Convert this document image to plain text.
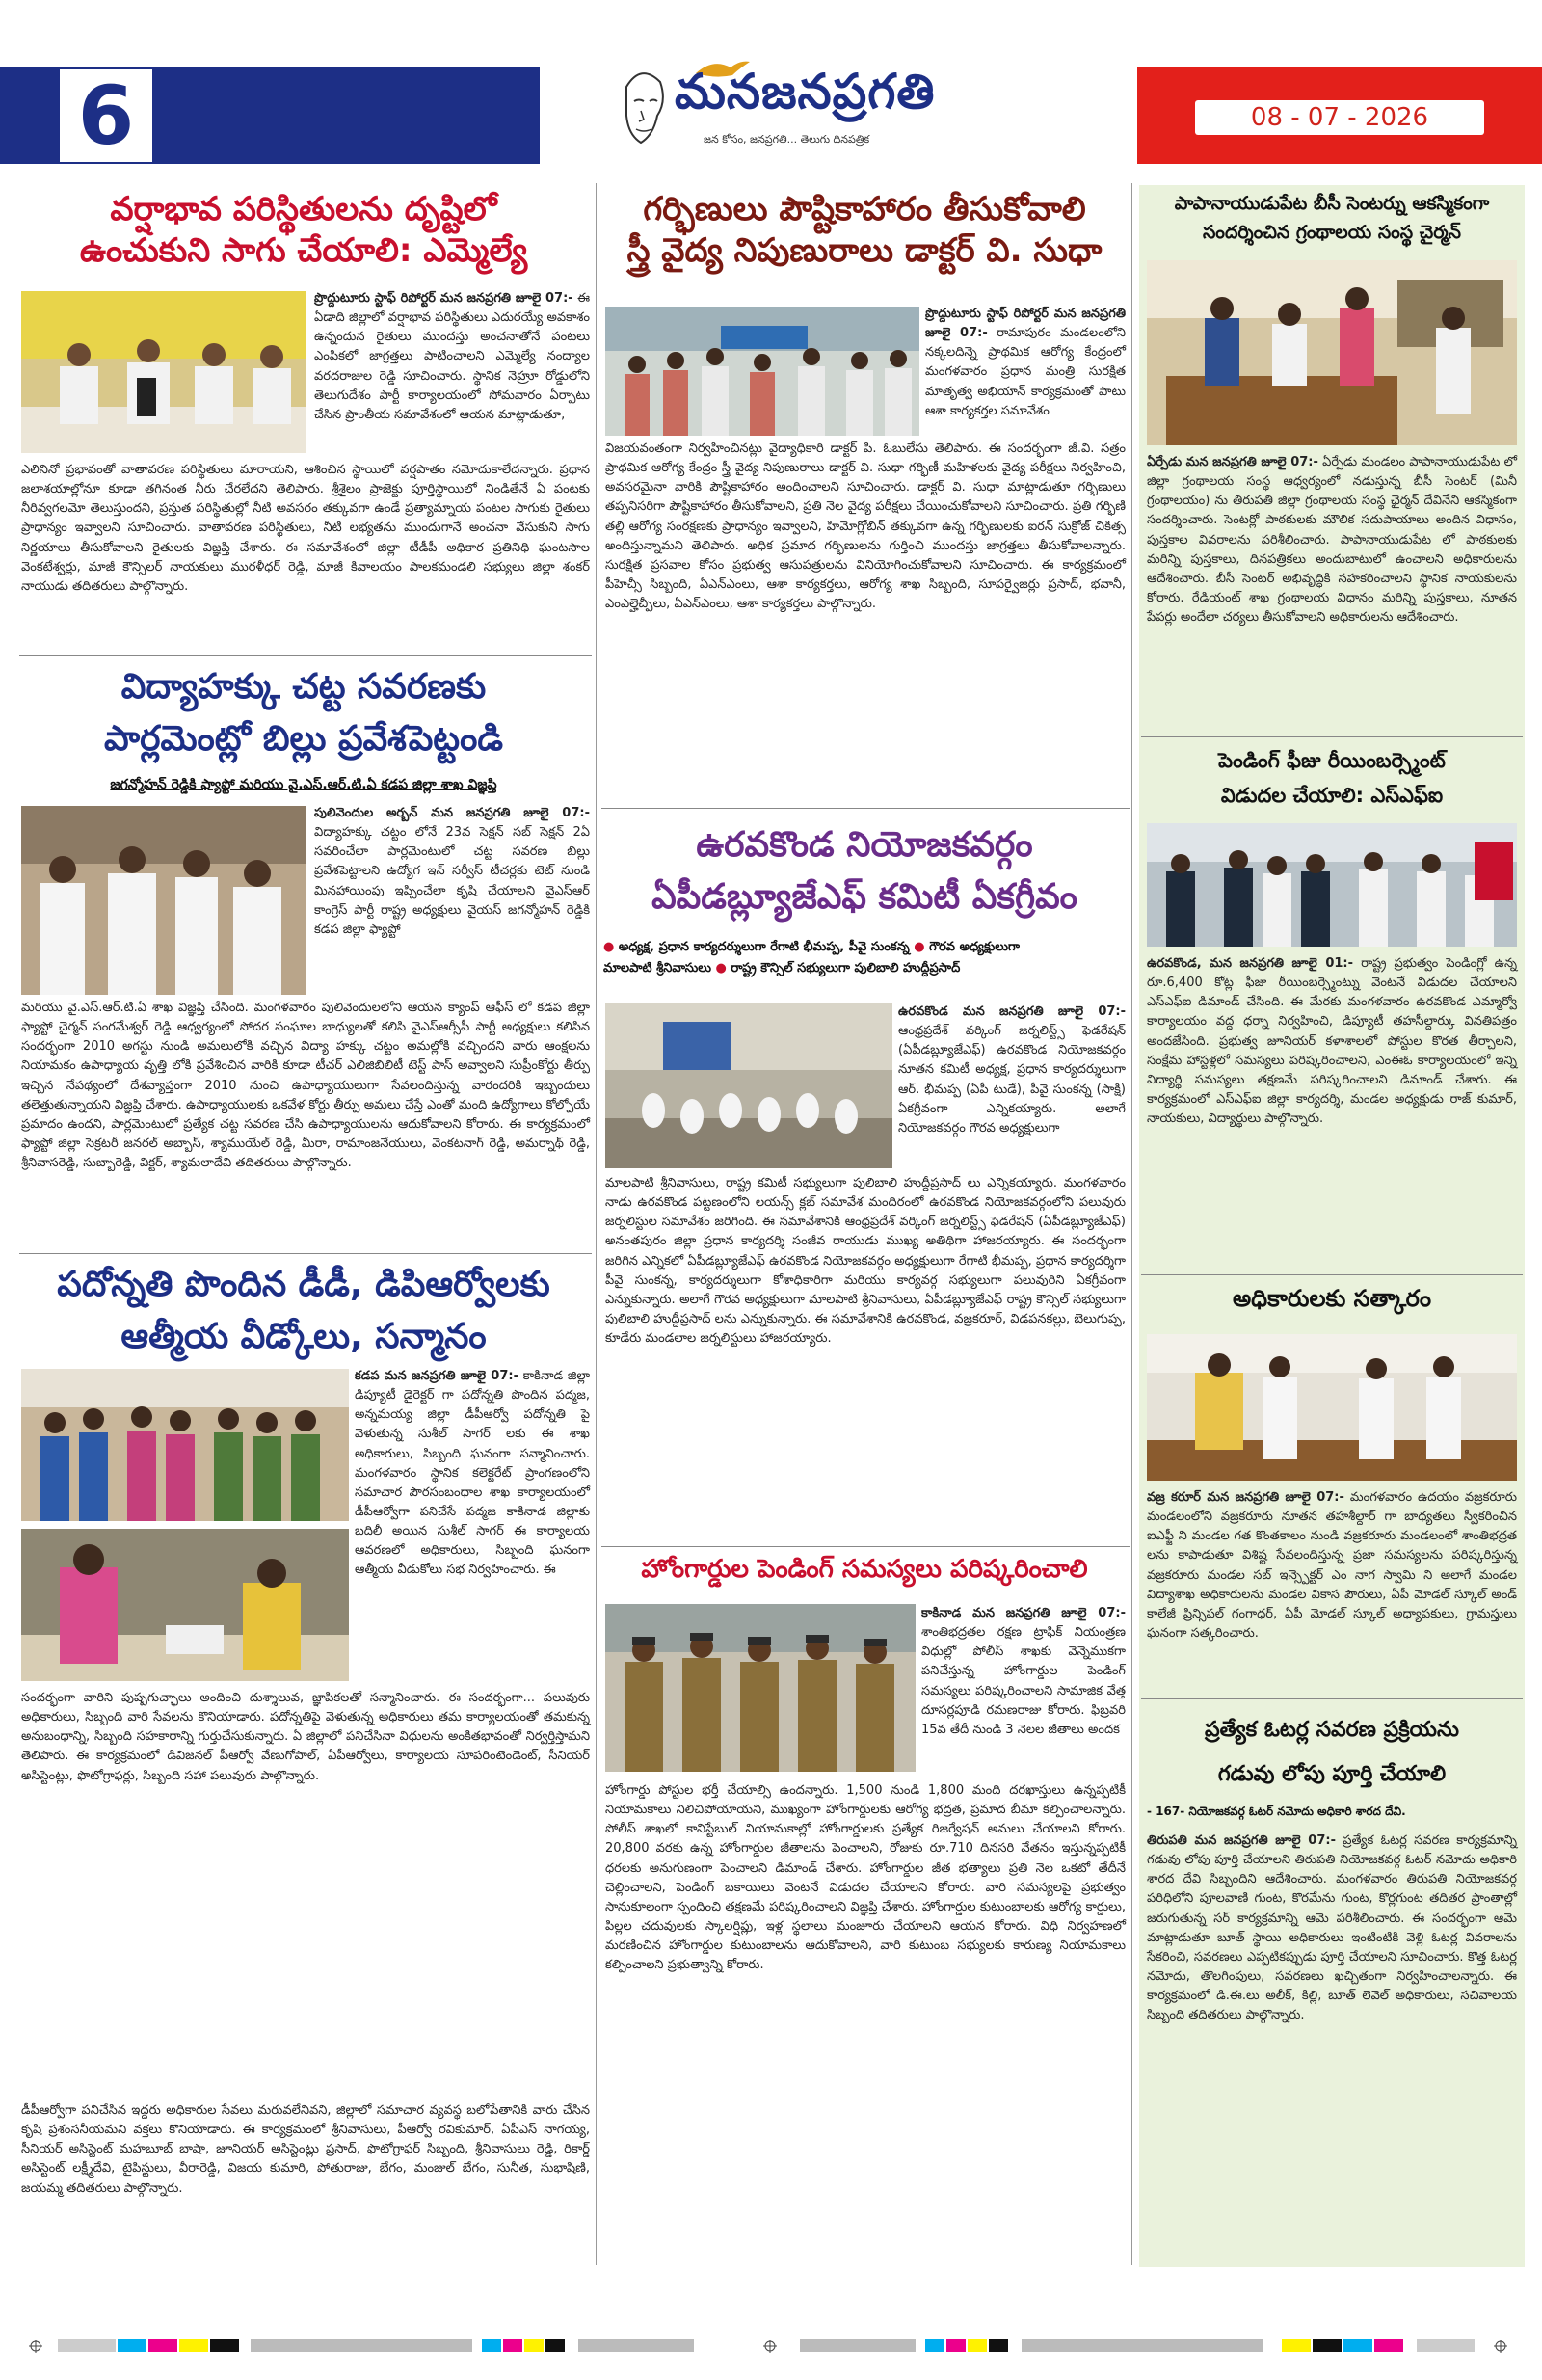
6	మనజనప్రగతి
జన కోసం, జనప్రగతి... తెలుగు దినపత్రిక
08 - 07 - 2026
వర్షాభావ పరిస్థితులను దృష్టిలో
ఉంచుకుని సాగు చేయాలి: ఎమ్మెల్యే
ప్రొద్దుటూరు స్టాఫ్ రిపోర్టర్ మన జనప్రగతి జూలై 07:- ఈ ఏడాది జిల్లాలో వర్షాభావ పరిస్థితులు ఎదురయ్యే అవకాశం ఉన్నందున రైతులు ముందస్తు అంచనాతోనే పంటలు ఎంపికలో జాగ్రత్తలు పాటించాలని ఎమ్మెల్యే నంద్యాల వరదరాజుల రెడ్డి సూచించారు. స్థానిక నెహ్రూ రోడ్డులోని తెలుగుదేశం పార్టీ కార్యాలయంలో సోమవారం ఏర్పాటు చేసిన ప్రాంతీయ సమావేశంలో ఆయన మాట్లాడుతూ,
ఎలినినో ప్రభావంతో వాతావరణ పరిస్థితులు మారాయని, ఆశించిన స్థాయిలో వర్షపాతం నమోదుకాలేదన్నారు. ప్రధాన జలాశయాల్లోనూ కూడా తగినంత నీరు చేరలేదని తెలిపారు. శ్రీశైలం ప్రాజెక్టు పూర్తిస్థాయిలో నిండితేనే ఏ పంటకు నీరివ్వగలమో తెలుస్తుందని, ప్రస్తుత పరిస్థితుల్లో నీటి అవసరం తక్కువగా ఉండే ప్రత్యామ్నాయ పంటల సాగుకు రైతులు ప్రాధాన్యం ఇవ్వాలని సూచించారు. వాతావరణ పరిస్థితులు, నీటి లభ్యతను ముందుగానే అంచనా వేసుకుని సాగు నిర్ణయాలు తీసుకోవాలని రైతులకు విజ్ఞప్తి చేశారు. ఈ సమావేశంలో జిల్లా టీడీపీ అధికార ప్రతినిధి ఘంటసాల వెంకటేశ్వర్లు, మాజీ కౌన్సిలర్ నాయకులు మురళీధర్ రెడ్డి, మాజీ కివాలయం పాలకమండలి సభ్యులు జిల్లా శంకర్ నాయుడు తదితరులు పాల్గొన్నారు.
విద్యాహక్కు చట్ట సవరణకు
పార్లమెంట్లో బిల్లు ప్రవేశపెట్టండి
జగన్మోహన్ రెడ్డికి ఫ్యాప్టో మరియు వై.ఎస్.ఆర్.టి.ఏ కడప జిల్లా శాఖ విజ్ఞప్తి
పులివెందుల అర్బన్ మన జనప్రగతి జూలై 07:- విద్యాహక్కు చట్టం లోనే 23వ సెక్షన్ సబ్ సెక్షన్ 2ఏ సవరించేలా పార్లమెంటులో చట్ట సవరణ బిల్లు ప్రవేశపెట్టాలని ఉద్యోగ ఇన్ సర్వీస్ టీచర్లకు టెట్ నుండి మినహాయింపు ఇప్పించేలా కృషి చేయాలని వైఎస్ఆర్ కాంగ్రెస్ పార్టీ రాష్ట్ర అధ్యక్షులు వైయస్ జగన్మోహన్ రెడ్డికి కడప జిల్లా ఫ్యాప్టో
మరియు వై.ఎస్.ఆర్.టి.ఏ శాఖ విజ్ఞప్తి చేసింది. మంగళవారం పులివెందులలోని ఆయన క్యాంప్ ఆఫీస్ లో కడప జిల్లా ఫ్యాప్టో చైర్మన్ సంగమేశ్వర్ రెడ్డి ఆధ్వర్యంలో సోదర సంఘాల బాధ్యులతో కలిసి వైఎస్ఆర్సీపీ పార్టీ అధ్యక్షులు కలిసిన సందర్భంగా 2010 అగస్టు నుండి అమలులోకి వచ్చిన విద్యా హక్కు చట్టం అమల్లోకి వచ్చిందని వారు ఆంక్షలను నియామకం ఉపాధ్యాయ వృత్తి లోకి ప్రవేశించిన వారికి కూడా టీచర్ ఎలిజిబిలిటీ టెస్ట్ పాస్ అవ్వాలని సుప్రీంకోర్టు తీర్పు ఇచ్చిన నేపథ్యంలో దేశవ్యాప్తంగా 2010 నుంచి ఉపాధ్యాయులుగా సేవలందిస్తున్న వారందరికి ఇబ్బందులు తలెత్తుతున్నాయని విజ్ఞప్తి చేశారు. ఉపాధ్యాయులకు ఒకవేళ కోర్టు తీర్పు అమలు చేస్తే ఎంతో మంది ఉద్యోగాలు కోల్పోయే ప్రమాదం ఉందని, పార్లమెంటులో ప్రత్యేక చట్ట సవరణ చేసి ఉపాధ్యాయులను ఆదుకోవాలని కోరారు. ఈ కార్యక్రమంలో ఫ్యాప్టో జిల్లా సెక్రటరీ జనరల్ అబ్బాస్, శ్యాముయేల్ రెడ్డి, మీరా, రామాంజనేయులు, వెంకటనాగ్ రెడ్డి, అమర్నాథ్ రెడ్డి, శ్రీనివాసరెడ్డి, సుబ్బారెడ్డి, విక్టర్, శ్యామలాదేవి తదితరులు పాల్గొన్నారు.
పదోన్నతి పొందిన డీడీ, డిపిఆర్వోలకు
ఆత్మీయ వీడ్కోలు, సన్మానం
కడప మన జనప్రగతి జూలై 07:- కాకినాడ జిల్లా డిప్యూటీ డైరెక్టర్ గా పదోన్నతి పొందిన పద్మజ, అన్నమయ్య జిల్లా డీపీఆర్వో పదోన్నతి పై వెళుతున్న సుశీల్ సాగర్ లకు ఈ శాఖ అధికారులు, సిబ్బంది ఘనంగా సన్మానించారు. మంగళవారం స్థానిక కలెక్టరేట్ ప్రాంగణంలోని సమాచార పౌరసంబంధాల శాఖ కార్యాలయంలో డీపీఆర్వోగా పనిచేసే పద్మజ కాకినాడ జిల్లాకు బదిలీ అయిన సుశీల్ సాగర్ ఈ కార్యాలయ ఆవరణలో అధికారులు, సిబ్బంది ఘనంగా ఆత్మీయ వీడుకోలు సభ నిర్వహించారు. ఈ
సందర్భంగా వారిని పుష్పగుచ్ఛాలు అందించి దుశ్శాలువ, జ్ఞాపికలతో సన్మానించారు. ఈ సందర్భంగా... పలువురు అధికారులు, సిబ్బంది వారి సేవలను కొనియాడారు. పదోన్నతిపై వెళుతున్న అధికారులు తమ కార్యాలయంతో తమకున్న అనుబంధాన్ని, సిబ్బంది సహకారాన్ని గుర్తుచేసుకున్నారు. ఏ జిల్లాలో పనిచేసినా విధులను అంకితభావంతో నిర్వర్తిస్తామని తెలిపారు. ఈ కార్యక్రమంలో డివిజనల్ పీఆర్వో వేణుగోపాల్, ఏపీఆర్వోలు, కార్యాలయ సూపరింటెండెంట్, సీనియర్ అసిస్టెంట్లు, ఫొటోగ్రాఫర్లు, సిబ్బంది సహా పలువురు పాల్గొన్నారు.
డీపీఆర్వోగా పనిచేసిన ఇద్దరు అధికారుల సేవలు మరువలేనివని, జిల్లాలో సమాచార వ్యవస్థ బలోపేతానికి వారు చేసిన కృషి ప్రశంసనీయమని వక్తలు కొనియాడారు. ఈ కార్యక్రమంలో శ్రీనివాసులు, పీఆర్వో రవికుమార్, ఏపీఎస్ నాగయ్య, సీనియర్ అసిస్టెంట్ మహబూబ్ బాషా, జూనియర్ అసిస్టెంట్లు ప్రసాద్, ఫొటోగ్రాఫర్ సిబ్బంది, శ్రీనివాసులు రెడ్డి, రికార్డ్ అసిస్టెంట్ లక్ష్మీదేవి, టైపిస్టులు, వీరారెడ్డి, విజయ కుమారి, పోతురాజు, బేగం, మంజుల్ బేగం, సునీత, సుభాషిణి, జయమ్మ తదితరులు పాల్గొన్నారు.
గర్భిణులు పౌష్టికాహారం తీసుకోవాలి
స్త్రీ వైద్య నిపుణురాలు డాక్టర్ వి. సుధా
ప్రొద్దుటూరు స్టాఫ్ రిపోర్టర్ మన జనప్రగతి జూలై 07:- రామాపురం మండలంలోని నక్కలదిన్నె ప్రాథమిక ఆరోగ్య కేంద్రంలో మంగళవారం ప్రధాన మంత్రి సురక్షిత మాతృత్వ అభియాన్ కార్యక్రమంతో పాటు ఆశా కార్యకర్తల సమావేశం
విజయవంతంగా నిర్వహించినట్లు వైద్యాధికారి డాక్టర్ పి. ఓబులేసు తెలిపారు. ఈ సందర్భంగా జీ.వి. సత్రం ప్రాథమిక ఆరోగ్య కేంద్రం స్త్రీ వైద్య నిపుణురాలు డాక్టర్ వి. సుధా గర్భిణీ మహిళలకు వైద్య పరీక్షలు నిర్వహించి, అవసరమైనా వారికి పౌష్టికాహారం అందించాలని సూచించారు. డాక్టర్ వి. సుధా మాట్లాడుతూ గర్భిణులు తప్పనిసరిగా పౌష్టికాహారం తీసుకోవాలని, ప్రతి నెల వైద్య పరీక్షలు చేయించుకోవాలని సూచించారు. ప్రతి గర్భిణి తల్లి ఆరోగ్య సంరక్షణకు ప్రాధాన్యం ఇవ్వాలని, హిమోగ్లోబిన్ తక్కువగా ఉన్న గర్భిణులకు ఐరన్ సుక్రోజ్ చికిత్స అందిస్తున్నామని తెలిపారు. అధిక ప్రమాద గర్భిణులను గుర్తించి ముందస్తు జాగ్రత్తలు తీసుకోవాలన్నారు. సురక్షిత ప్రసవాల కోసం ప్రభుత్వ ఆసుపత్రులను వినియోగించుకోవాలని సూచించారు. ఈ కార్యక్రమంలో పీహెచ్సీ సిబ్బంది, ఏఎన్ఎంలు, ఆశా కార్యకర్తలు, ఆరోగ్య శాఖ సిబ్బంది, సూపర్వైజర్లు ప్రసాద్, భవానీ, ఎంఎల్హెచ్పీలు, ఏఎన్ఎంలు, ఆశా కార్యకర్తలు పాల్గొన్నారు.
ఉరవకొండ నియోజకవర్గం
ఏపీడబ్ల్యూజేఎఫ్ కమిటీ ఏకగ్రీవం
● అధ్యక్ష, ప్రధాన కార్యదర్శులుగా రేగాటి భీమప్ప, పీవై సుంకన్న ● గౌరవ అధ్యక్షులుగా
మాలపాటి శ్రీనివాసులు ● రాష్ట్ర కౌన్సిల్ సభ్యులుగా పులిబాలి హుద్దీప్రసాద్
ఉరవకొండ మన జనప్రగతి జూలై 07:- ఆంధ్రప్రదేశ్ వర్కింగ్ జర్నలిస్ట్స్ ఫెడరేషన్ (ఏపీడబ్ల్యూజేఎఫ్) ఉరవకొండ నియోజకవర్గం నూతన కమిటీ అధ్యక్ష, ప్రధాన కార్యదర్శులుగా ఆర్. భీమప్ప (ఏపీ టుడే), పీవై సుంకన్న (సాక్షి) ఏకగ్రీవంగా ఎన్నికయ్యారు. అలాగే నియోజకవర్గం గౌరవ అధ్యక్షులుగా
మాలపాటి శ్రీనివాసులు, రాష్ట్ర కమిటీ సభ్యులుగా పులిబాలి హుద్దీప్రసాద్ లు ఎన్నికయ్యారు. మంగళవారం నాడు ఉరవకొండ పట్టణంలోని లయన్స్ క్లబ్ సమావేశ మందిరంలో ఉరవకొండ నియోజకవర్గంలోని పలువురు జర్నలిస్టుల సమావేశం జరిగింది. ఈ సమావేశానికి ఆంధ్రప్రదేశ్ వర్కింగ్ జర్నలిస్ట్స్ ఫెడరేషన్ (ఏపీడబ్ల్యూజేఎఫ్) అనంతపురం జిల్లా ప్రధాన కార్యదర్శి సంజీవ రాయుడు ముఖ్య అతిథిగా హాజరయ్యారు. ఈ సందర్భంగా జరిగిన ఎన్నికలో ఏపీడబ్ల్యూజేఎఫ్ ఉరవకొండ నియోజకవర్గం అధ్యక్షులుగా రేగాటి భీమప్ప, ప్రధాన కార్యదర్శిగా పీవై సుంకన్న, కార్యదర్శులుగా కోశాధికారిగా మరియు కార్యవర్గ సభ్యులుగా పలువురిని ఏకగ్రీవంగా ఎన్నుకున్నారు. అలాగే గౌరవ అధ్యక్షులుగా మాలపాటి శ్రీనివాసులు, ఏపీడబ్ల్యూజేఎఫ్ రాష్ట్ర కౌన్సిల్ సభ్యులుగా పులిబాలి హుద్దీప్రసాద్ లను ఎన్నుకున్నారు. ఈ సమావేశానికి ఉరవకొండ, వజ్రకరూర్, విడపనకల్లు, బెలుగుప్ప, కూడేరు మండలాల జర్నలిస్టులు హాజరయ్యారు.
హోంగార్డుల పెండింగ్ సమస్యలు పరిష్కరించాలి
కాకినాడ మన జనప్రగతి జూలై 07:- శాంతిభద్రతల రక్షణ ట్రాఫిక్ నియంత్రణ విధుల్లో పోలీస్ శాఖకు వెన్నెముకగా పనిచేస్తున్న హోంగార్డుల పెండింగ్ సమస్యలు పరిష్కరించాలని సామాజిక వేత్త దూసర్లపూడి రమణరాజు కోరారు. ఫిబ్రవరి 15వ తేదీ నుండి 3 నెలల జీతాలు అందక
హోంగార్డు పోస్టుల భర్తీ చేయాల్సి ఉందన్నారు. 1,500 నుండి 1,800 మంది దరఖాస్తులు ఉన్నప్పటికీ నియామకాలు నిలిచిపోయాయని, ముఖ్యంగా హోంగార్డులకు ఆరోగ్య భద్రత, ప్రమాద బీమా కల్పించాలన్నారు. పోలీస్ శాఖలో కానిస్టేబుల్ నియామకాల్లో హోంగార్డులకు ప్రత్యేక రిజర్వేషన్ అమలు చేయాలని కోరారు. 20,800 వరకు ఉన్న హోంగార్డుల జీతాలను పెంచాలని, రోజుకు రూ.710 దినసరి వేతనం ఇస్తున్నప్పటికీ ధరలకు అనుగుణంగా పెంచాలని డిమాండ్ చేశారు. హోంగార్డుల జీత భత్యాలు ప్రతి నెల ఒకటో తేదీనే చెల్లించాలని, పెండింగ్ బకాయిలు వెంటనే విడుదల చేయాలని కోరారు. వారి సమస్యలపై ప్రభుత్వం సానుకూలంగా స్పందించి తక్షణమే పరిష్కరించాలని విజ్ఞప్తి చేశారు. హోంగార్డుల కుటుంబాలకు ఆరోగ్య కార్డులు, పిల్లల చదువులకు స్కాలర్షిప్లు, ఇళ్ల స్థలాలు మంజూరు చేయాలని ఆయన కోరారు. విధి నిర్వహణలో మరణించిన హోంగార్డుల కుటుంబాలను ఆదుకోవాలని, వారి కుటుంబ సభ్యులకు కారుణ్య నియామకాలు కల్పించాలని ప్రభుత్వాన్ని కోరారు.
పాపానాయుడుపేట బీసీ సెంటర్ను ఆకస్మికంగా
సందర్శించిన గ్రంథాలయ సంస్థ చైర్మన్
ఏర్పేడు మన జనప్రగతి జూలై 07:- ఏర్పేడు మండలం పాపానాయుడుపేట లో జిల్లా గ్రంథాలయ సంస్థ ఆధ్వర్యంలో నడుస్తున్న బీసీ సెంటర్ (మినీ గ్రంథాలయం) ను తిరుపతి జిల్లా గ్రంథాలయ సంస్థ ఛైర్మన్ దేవినేని ఆకస్మికంగా సందర్శించారు. సెంటర్లో పాఠకులకు మౌలిక సదుపాయాలు అందిన విధానం, పుస్తకాల వివరాలను పరిశీలించారు. పాపానాయుడుపేట లో పాఠకులకు మరిన్ని పుస్తకాలు, దినపత్రికలు అందుబాటులో ఉంచాలని అధికారులను ఆదేశించారు. బీసీ సెంటర్ అభివృద్ధికి సహకరించాలని స్థానిక నాయకులను కోరారు. రేడియంట్ శాఖ గ్రంథాలయ విధానం మరిన్ని పుస్తకాలు, నూతన పేపర్లు అందేలా చర్యలు తీసుకోవాలని అధికారులను ఆదేశించారు.
పెండింగ్ ఫీజు రీయింబర్స్మెంట్
విడుదల చేయాలి: ఎస్ఎఫ్ఐ
ఉరవకొండ, మన జనప్రగతి జూలై 01:- రాష్ట్ర ప్రభుత్వం పెండింగ్లో ఉన్న రూ.6,400 కోట్ల ఫీజు రీయింబర్స్మెంట్ను వెంటనే విడుదల చేయాలని ఎస్ఎఫ్ఐ డిమాండ్ చేసింది. ఈ మేరకు మంగళవారం ఉరవకొండ ఎమ్మార్వో కార్యాలయం వద్ద ధర్నా నిర్వహించి, డిప్యూటీ తహసీల్దార్కు వినతిపత్రం అందజేసింది. ప్రభుత్వ జూనియర్ కళాశాలలో పోస్టుల కొరత తీర్చాలని, సంక్షేమ హాస్టళ్లలో సమస్యలు పరిష్కరించాలని, ఎంఈఓ కార్యాలయంలో ఇన్ని విద్యార్థి సమస్యలు తక్షణమే పరిష్కరించాలని డిమాండ్ చేశారు. ఈ కార్యక్రమంలో ఎస్ఎఫ్ఐ జిల్లా కార్యదర్శి, మండల అధ్యక్షుడు రాజ్ కుమార్, నాయకులు, విద్యార్థులు పాల్గొన్నారు.
అధికారులకు సత్కారం
వజ్ర కరూర్ మన జనప్రగతి జూలై 07:- మంగళవారం ఉదయం వజ్రకరూరు మండలంలోని వజ్రకరూరు నూతన తహశీల్దార్ గా బాధ్యతలు స్వీకరించిన ఐఎఫ్జీ ని మండల గత కొంతకాలం నుండి వజ్రకరూరు మండలంలో శాంతిభద్రత లను కాపాడుతూ విశిష్ట సేవలందిస్తున్న ప్రజా సమస్యలను పరిష్కరిస్తున్న వజ్రకరూరు మండల సబ్ ఇన్స్పెక్టర్ ఎం నాగ స్వామి ని అలాగే మండల విద్యాశాఖ అధికారులను మండల వికాస పౌరులు, ఏపీ మోడల్ స్కూల్ అండ్ కాలేజీ ప్రిన్సిపల్ గంగాధర్, ఏపీ మోడల్ స్కూల్ అధ్యాపకులు, గ్రామస్తులు ఘనంగా సత్కరించారు.
ప్రత్యేక ఓటర్ల సవరణ ప్రక్రియను
గడువు లోపు పూర్తి చేయాలి
- 167- నియోజకవర్గ ఓటర్ నమోదు అధికారి శారద దేవి.
తిరుపతి మన జనప్రగతి జూలై 07:- ప్రత్యేక ఓటర్ల సవరణ కార్యక్రమాన్ని గడువు లోపు పూర్తి చేయాలని తిరుపతి నియోజకవర్గ ఓటర్ నమోదు అధికారి శారద దేవి సిబ్బందిని ఆదేశించారు. మంగళవారం తిరుపతి నియోజకవర్గ పరిధిలోని పూలవాణి గుంట, కొరమేను గుంట, కొర్లగుంట తదితర ప్రాంతాల్లో జరుగుతున్న సర్ కార్యక్రమాన్ని ఆమె పరిశీలించారు. ఈ సందర్భంగా ఆమె మాట్లాడుతూ బూత్ స్థాయి అధికారులు ఇంటింటికి వెళ్లి ఓటర్ల వివరాలను సేకరించి, సవరణలు ఎప్పటికప్పుడు పూర్తి చేయాలని సూచించారు. కొత్త ఓటర్ల నమోదు, తొలగింపులు, సవరణలు ఖచ్చితంగా నిర్వహించాలన్నారు. ఈ కార్యక్రమంలో డి.ఈ.లు అలీక్, కిల్లి, బూత్ లెవెల్ అధికారులు, సచివాలయ సిబ్బంది తదితరులు పాల్గొన్నారు.
